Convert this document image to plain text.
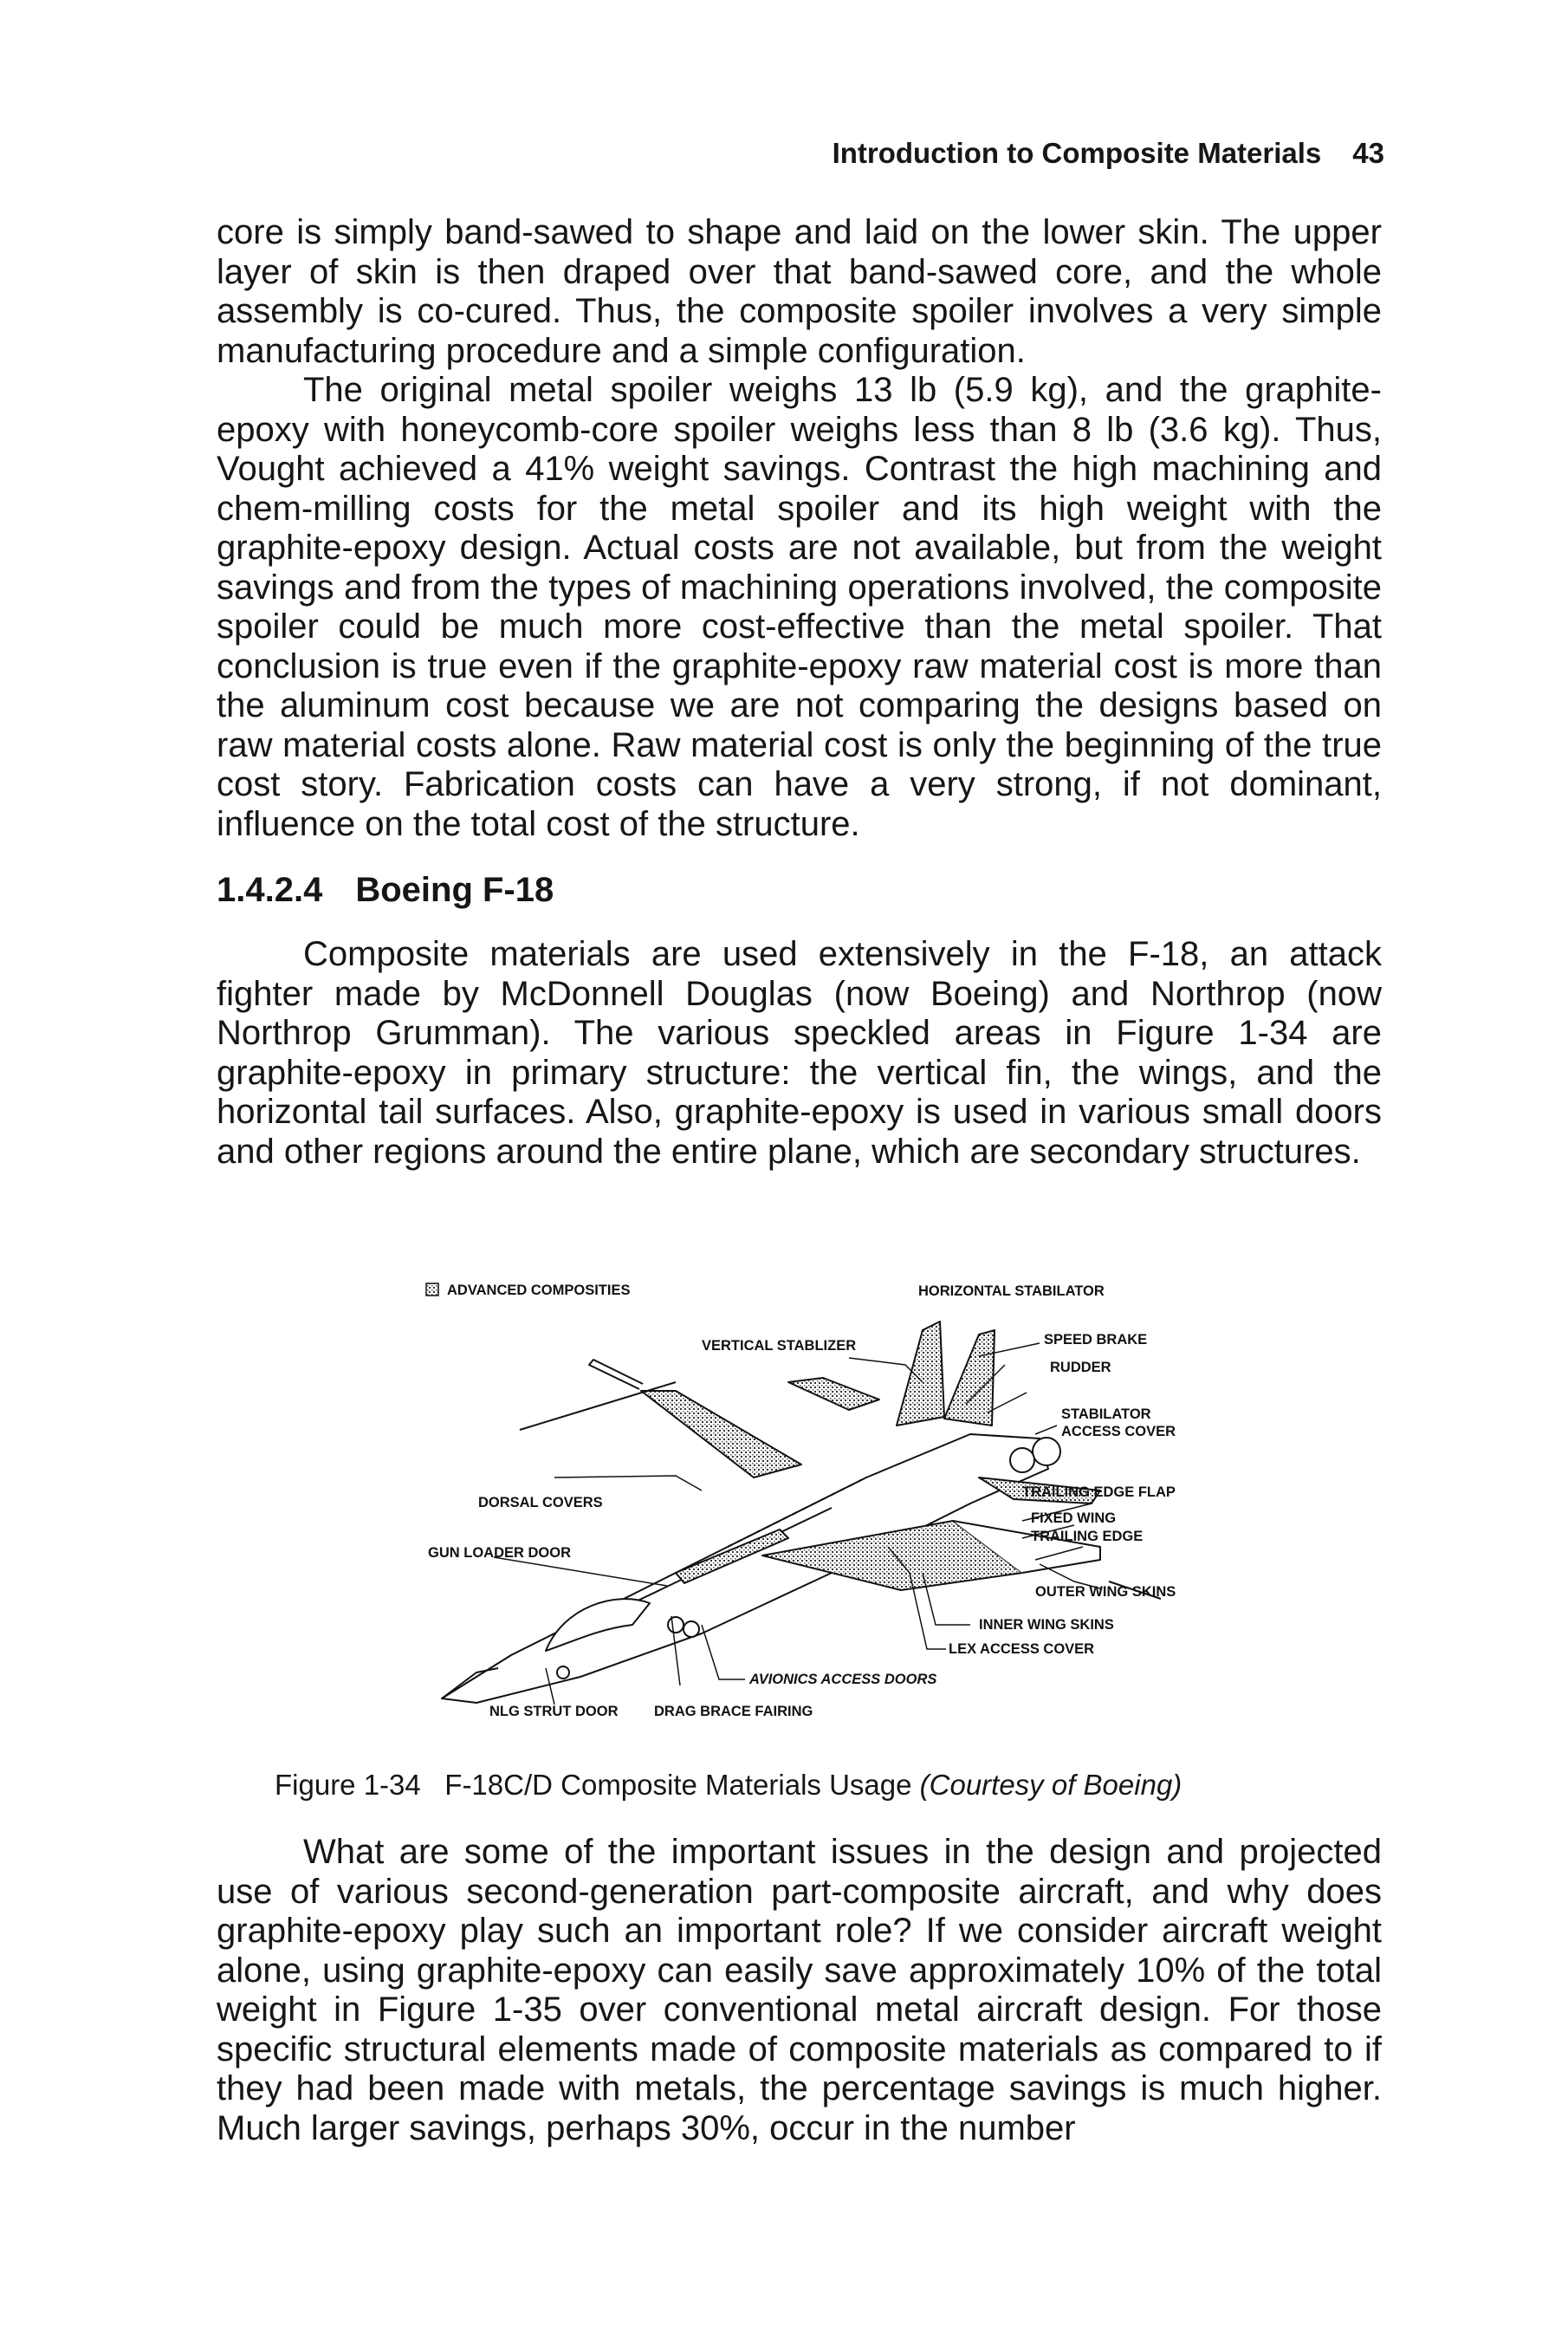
Introduction to Composite Materials 43

core is simply band-sawed to shape and laid on the lower skin. The upper layer of skin is then draped over that band-sawed core, and the whole assembly is co-cured. Thus, the composite spoiler involves a very simple manufacturing procedure and a simple configuration.

The original metal spoiler weighs 13 lb (5.9 kg), and the graphite-epoxy with honeycomb-core spoiler weighs less than 8 lb (3.6 kg). Thus, Vought achieved a 41% weight savings. Contrast the high machining and chem-milling costs for the metal spoiler and its high weight with the graphite-epoxy design. Actual costs are not available, but from the weight savings and from the types of machining operations involved, the composite spoiler could be much more cost-effective than the metal spoiler. That conclusion is true even if the graphite-epoxy raw material cost is more than the aluminum cost because we are not comparing the designs based on raw material costs alone. Raw material cost is only the beginning of the true cost story. Fabrication costs can have a very strong, if not dominant, influence on the total cost of the structure.

1.4.2.4 Boeing F-18

Composite materials are used extensively in the F-18, an attack fighter made by McDonnell Douglas (now Boeing) and Northrop (now Northrop Grumman). The various speckled areas in Figure 1-34 are graphite-epoxy in primary structure: the vertical fin, the wings, and the horizontal tail surfaces. Also, graphite-epoxy is used in various small doors and other regions around the entire plane, which are secondary structures.

ADVANCED COMPOSITIES	HORIZONTAL STABILATOR
VERTICAL STABLIZER	SPEED BRAKE
RUDDER
STABILATOR
ACCESS COVER
DORSAL COVERS
TRAILING EDGE FLAP
FIXED WING
TRAILING EDGE
GUN LOADER DOOR
OUTER WING SKINS
INNER WING SKINS
LEX ACCESS COVER
AVIONICS ACCESS DOORS
NLG STRUT DOOR	DRAG BRACE FAIRING
Figure 1-34 F-18C/D Composite Materials Usage (Courtesy of Boeing)

What are some of the important issues in the design and projected use of various second-generation part-composite aircraft, and why does graphite-epoxy play such an important role? If we consider aircraft weight alone, using graphite-epoxy can easily save approximately 10% of the total weight in Figure 1-35 over conventional metal aircraft design. For those specific structural elements made of composite materials as compared to if they had been made with metals, the percentage savings is much higher. Much larger savings, perhaps 30%, occur in the number
